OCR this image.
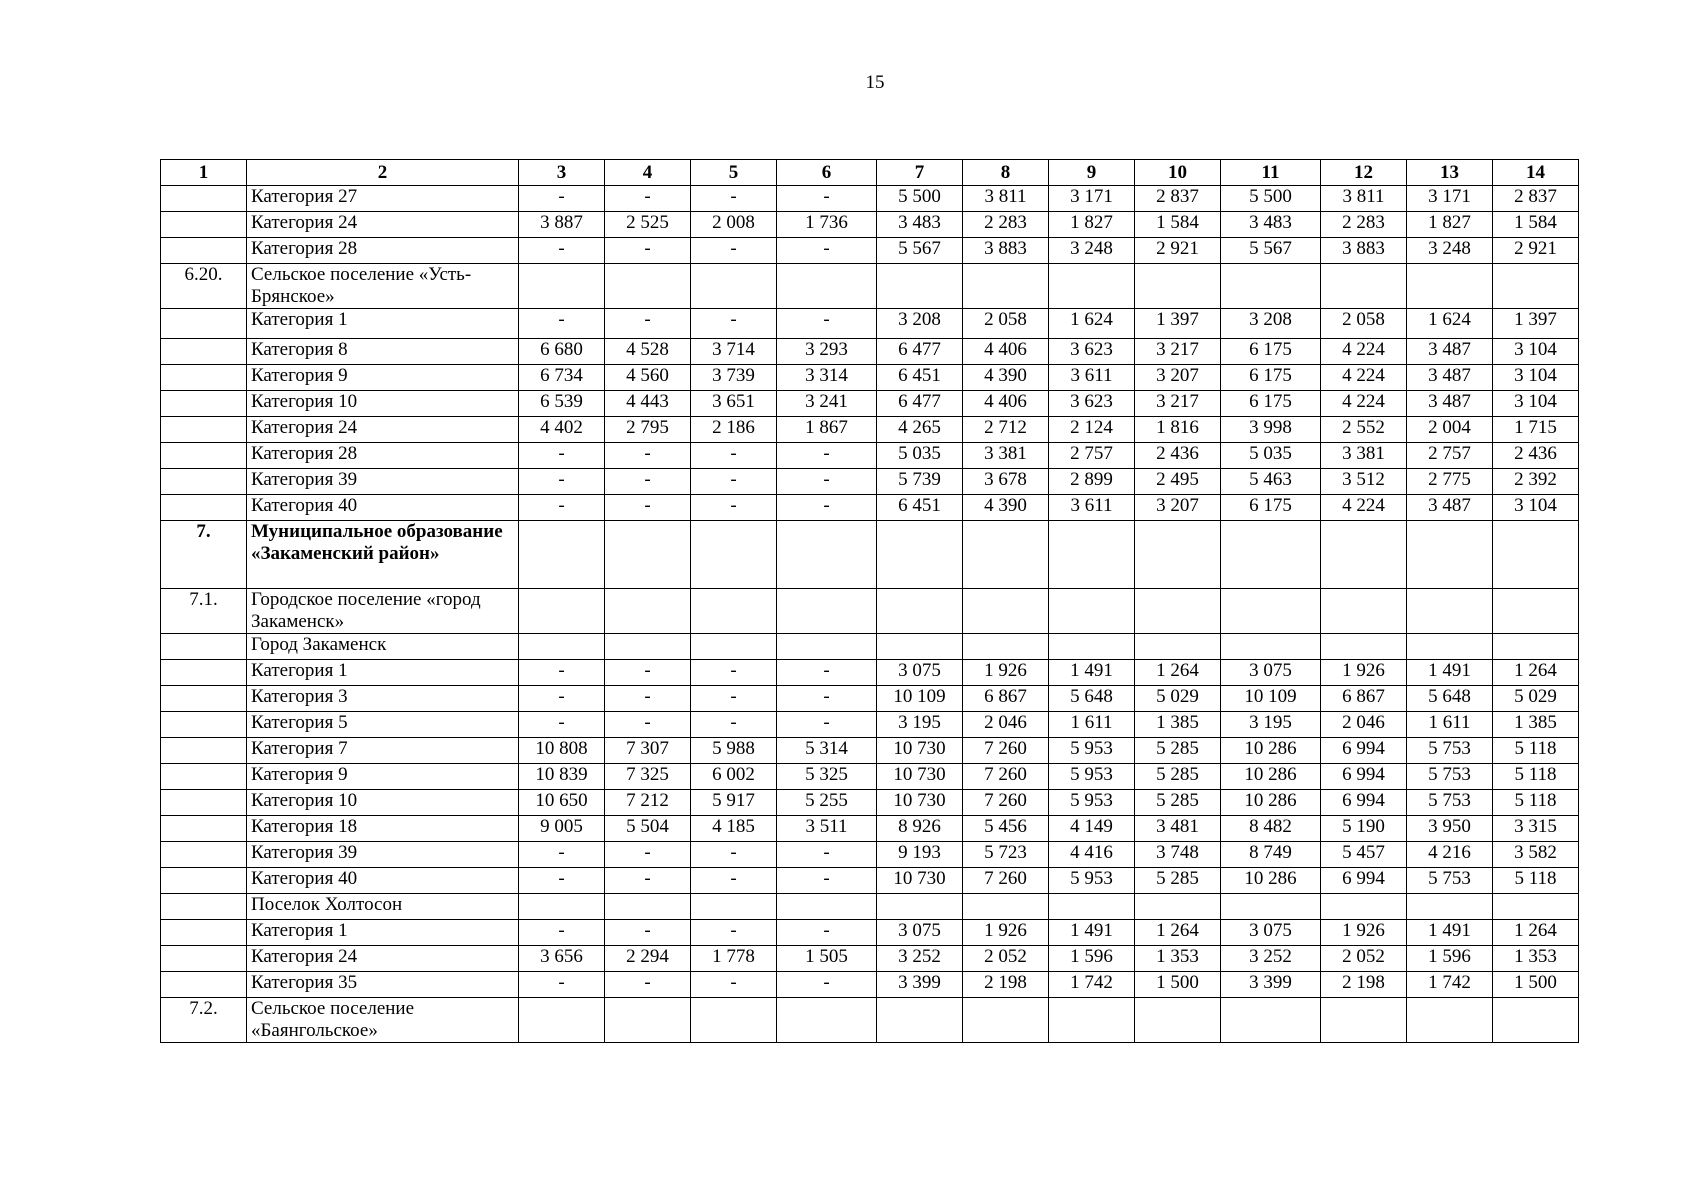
15
1	2	3	4	5	6	7	8	9	10	11	12	13	14
	Категория 27	-	-	-	-	5 500	3 811	3 171	2 837	5 500	3 811	3 171	2 837
	Категория 24	3 887	2 525	2 008	1 736	3 483	2 283	1 827	1 584	3 483	2 283	1 827	1 584
	Категория 28	-	-	-	-	5 567	3 883	3 248	2 921	5 567	3 883	3 248	2 921
6.20.	Сельское поселение «Усть-Брянское»												
	Категория 1	-	-	-	-	3 208	2 058	1 624	1 397	3 208	2 058	1 624	1 397
	Категория 8	6 680	4 528	3 714	3 293	6 477	4 406	3 623	3 217	6 175	4 224	3 487	3 104
	Категория 9	6 734	4 560	3 739	3 314	6 451	4 390	3 611	3 207	6 175	4 224	3 487	3 104
	Категория 10	6 539	4 443	3 651	3 241	6 477	4 406	3 623	3 217	6 175	4 224	3 487	3 104
	Категория 24	4 402	2 795	2 186	1 867	4 265	2 712	2 124	1 816	3 998	2 552	2 004	1 715
	Категория 28	-	-	-	-	5 035	3 381	2 757	2 436	5 035	3 381	2 757	2 436
	Категория 39	-	-	-	-	5 739	3 678	2 899	2 495	5 463	3 512	2 775	2 392
	Категория 40	-	-	-	-	6 451	4 390	3 611	3 207	6 175	4 224	3 487	3 104
7.	Муниципальное образование «Закаменский район»												
7.1.	Городское поселение «город Закаменск»												
	Город Закаменск												
	Категория 1	-	-	-	-	3 075	1 926	1 491	1 264	3 075	1 926	1 491	1 264
	Категория 3	-	-	-	-	10 109	6 867	5 648	5 029	10 109	6 867	5 648	5 029
	Категория 5	-	-	-	-	3 195	2 046	1 611	1 385	3 195	2 046	1 611	1 385
	Категория 7	10 808	7 307	5 988	5 314	10 730	7 260	5 953	5 285	10 286	6 994	5 753	5 118
	Категория 9	10 839	7 325	6 002	5 325	10 730	7 260	5 953	5 285	10 286	6 994	5 753	5 118
	Категория 10	10 650	7 212	5 917	5 255	10 730	7 260	5 953	5 285	10 286	6 994	5 753	5 118
	Категория 18	9 005	5 504	4 185	3 511	8 926	5 456	4 149	3 481	8 482	5 190	3 950	3 315
	Категория 39	-	-	-	-	9 193	5 723	4 416	3 748	8 749	5 457	4 216	3 582
	Категория 40	-	-	-	-	10 730	7 260	5 953	5 285	10 286	6 994	5 753	5 118
	Поселок Холтосон												
	Категория 1	-	-	-	-	3 075	1 926	1 491	1 264	3 075	1 926	1 491	1 264
	Категория 24	3 656	2 294	1 778	1 505	3 252	2 052	1 596	1 353	3 252	2 052	1 596	1 353
	Категория 35	-	-	-	-	3 399	2 198	1 742	1 500	3 399	2 198	1 742	1 500
7.2.	Сельское поселение «Баянгольское»												
